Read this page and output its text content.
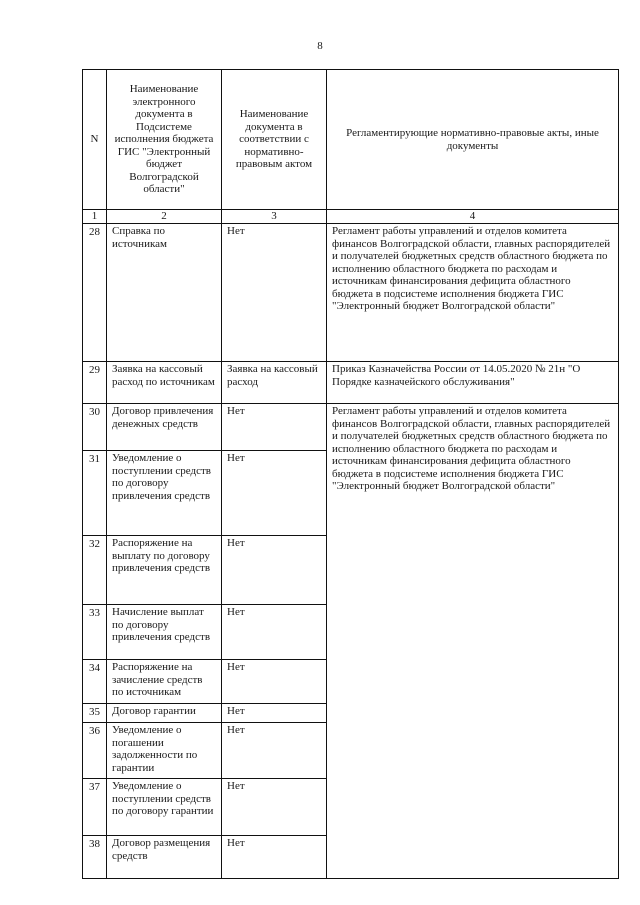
8
N	Наименование электронного документа в Подсистеме исполнения бюджета ГИС "Электронный бюджет Волгоградской области"	Наименование документа в соответствии с нормативно-правовым актом	Регламентирующие нормативно-правовые акты, иные документы
1	2	3	4
28	Справка по источникам	Нет	Регламент работы управлений и отделов комитета финансов Волгоградской области, главных распорядителей и получателей бюджетных средств областного бюджета по исполнению областного бюджета по расходам и источникам финансирования дефицита областного бюджета в подсистеме исполнения бюджета ГИС "Электронный бюджет Волгоградской области"
29	Заявка на кассовый расход по источникам	Заявка на кассовый расход	Приказ Казначейства России от 14.05.2020 № 21н "О Порядке казначейского обслуживания"
30	Договор привлечения денежных средств	Нет	Регламент работы управлений и отделов комитета финансов Волгоградской области, главных распорядителей и получателей бюджетных средств областного бюджета по исполнению областного бюджета по расходам и источникам финансирования дефицита областного бюджета в подсистеме исполнения бюджета ГИС "Электронный бюджет Волгоградской области"
31	Уведомление о поступлении средств по договору привлечения средств	Нет	
32	Распоряжение на выплату по договору привлечения средств	Нет	
33	Начисление выплат по договору привлечения средств	Нет	
34	Распоряжение на зачисление средств по источникам	Нет	
35	Договор гарантии	Нет	
36	Уведомление о погашении задолженности по гарантии	Нет	
37	Уведомление о поступлении средств по договору гарантии	Нет	
38	Договор размещения средств	Нет	
